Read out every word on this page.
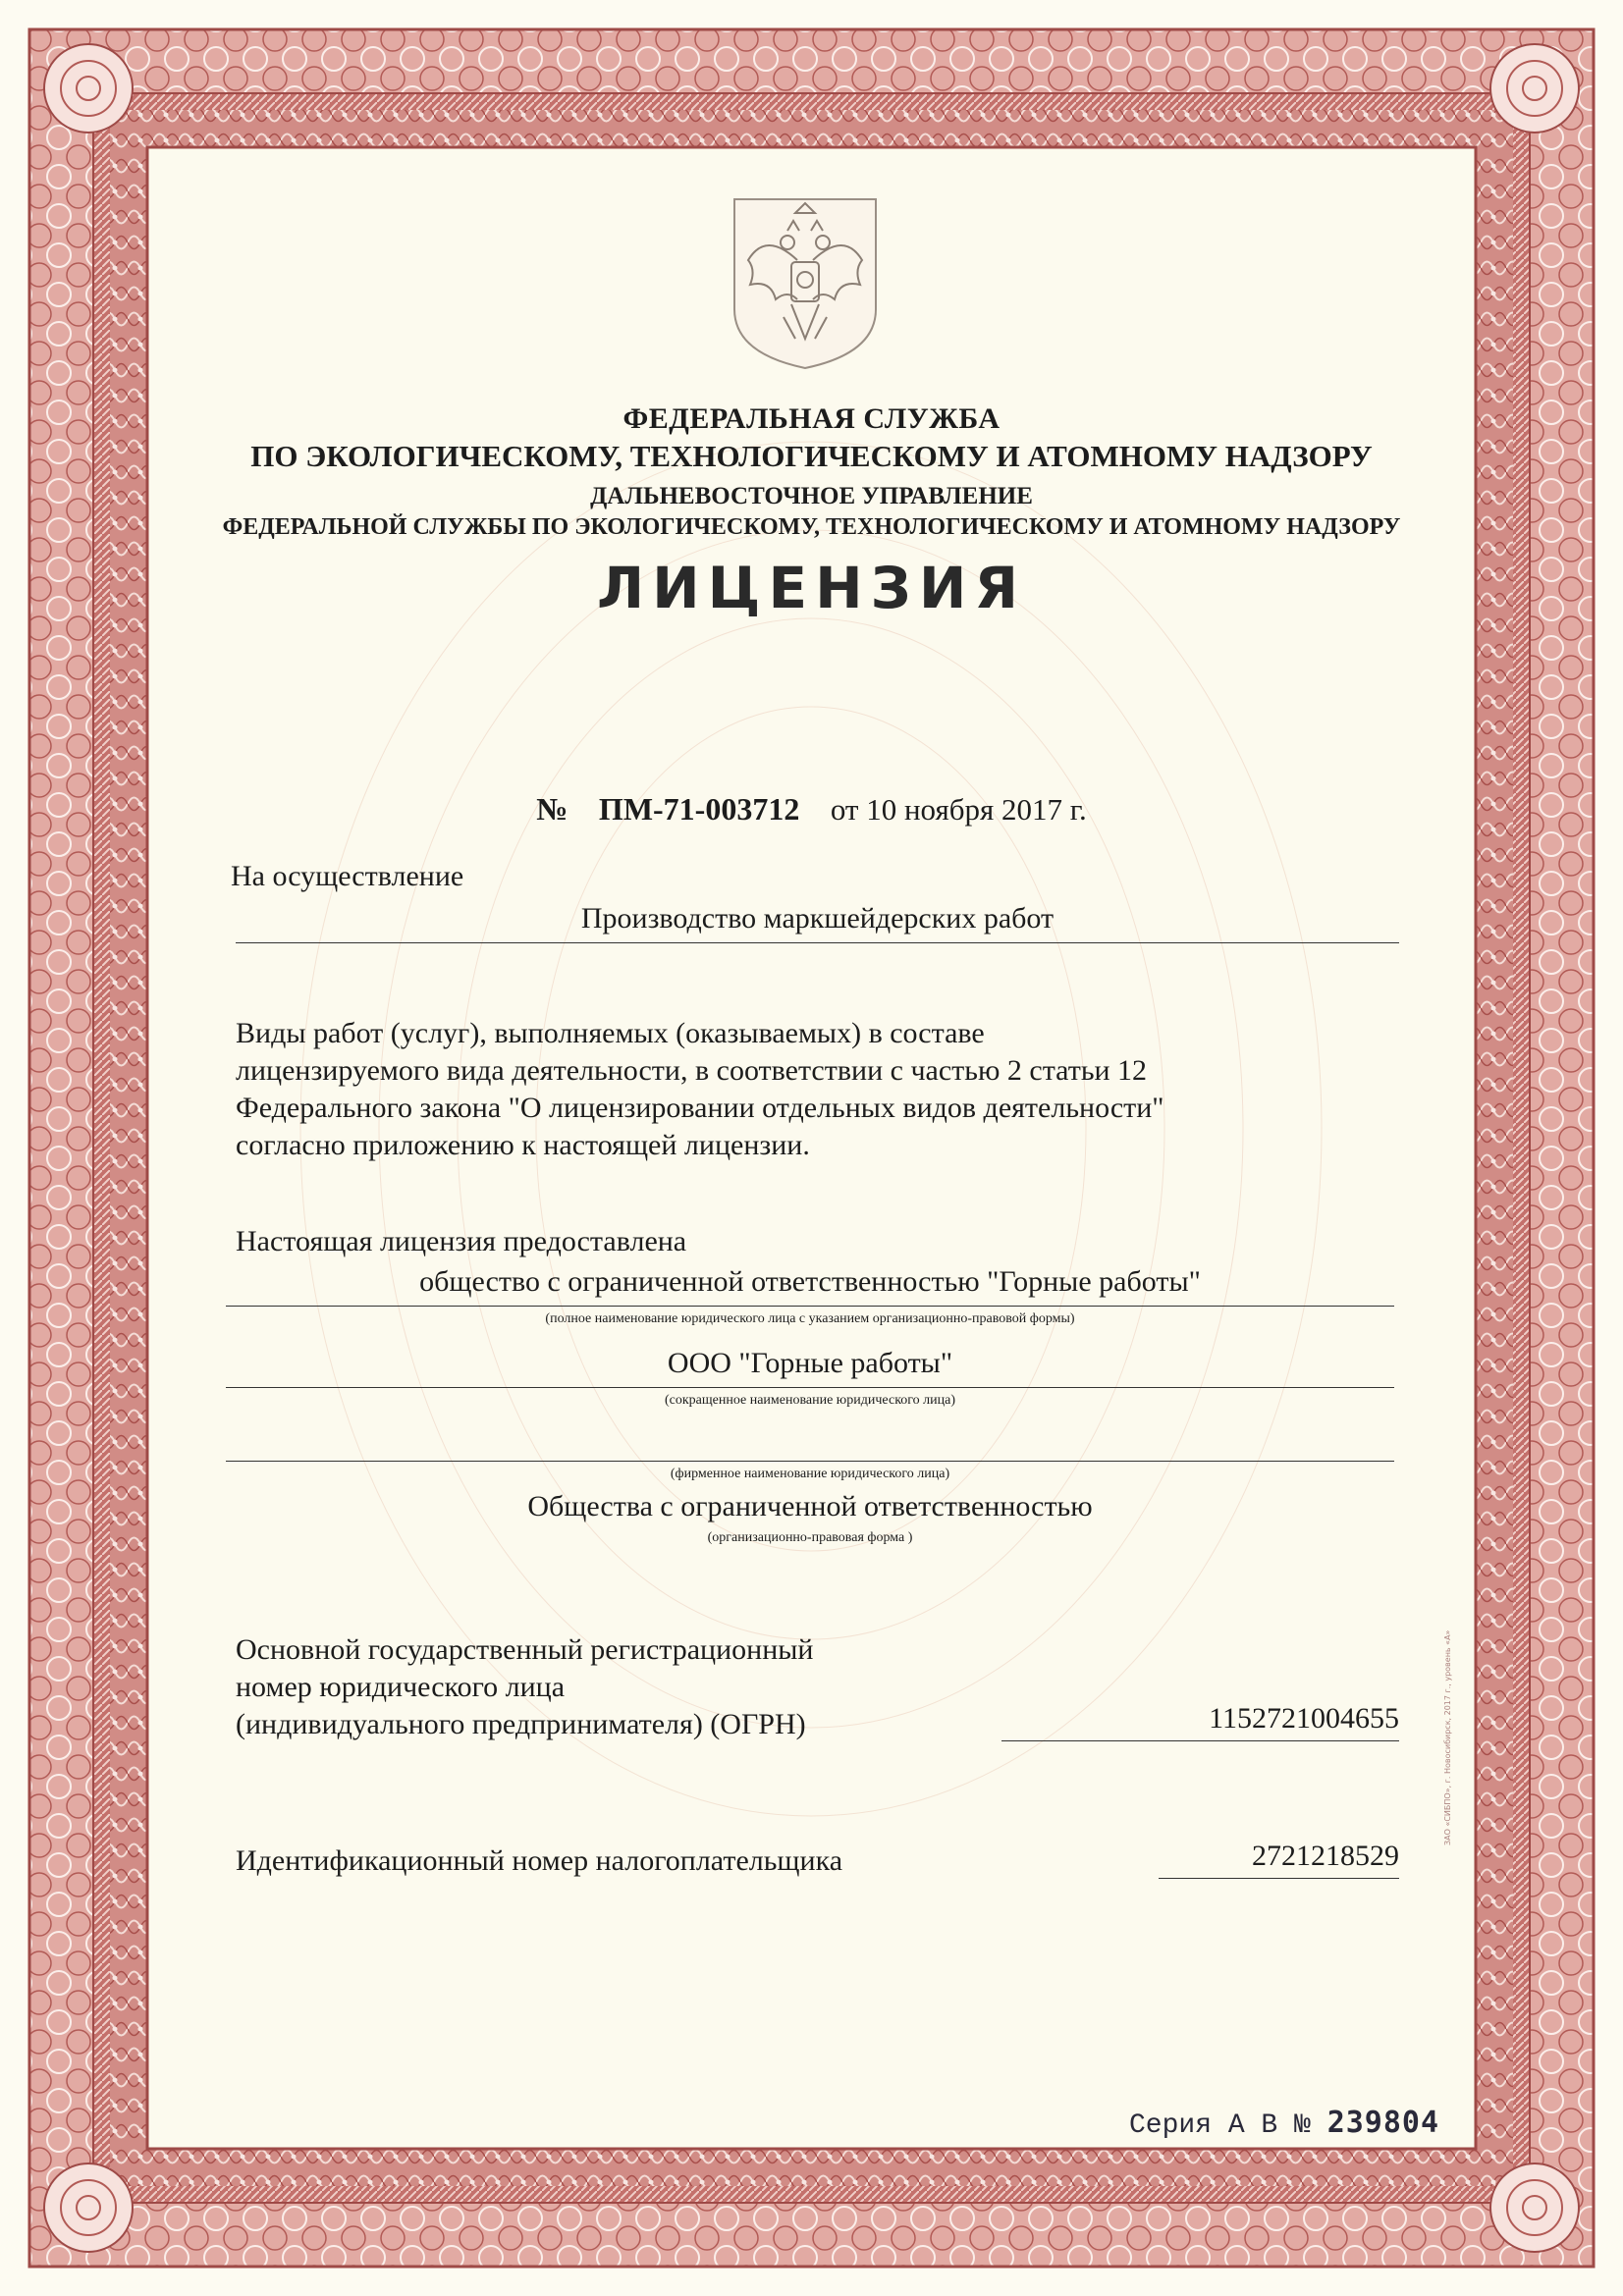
ФЕДЕРАЛЬНАЯ СЛУЖБА
ПО ЭКОЛОГИЧЕСКОМУ, ТЕХНОЛОГИЧЕСКОМУ И АТОМНОМУ НАДЗОРУ
ДАЛЬНЕВОСТОЧНОЕ УПРАВЛЕНИЕ
ФЕДЕРАЛЬНОЙ СЛУЖБЫ ПО ЭКОЛОГИЧЕСКОМУ, ТЕХНОЛОГИЧЕСКОМУ И АТОМНОМУ НАДЗОРУ
ЛИЦЕНЗИЯ
№ ПМ-71-003712 от 10 ноября 2017 г.
На осуществление
Производство маркшейдерских работ
Виды работ (услуг), выполняемых (оказываемых) в составе
лицензируемого вида деятельности, в соответствии с частью 2 статьи 12
Федерального закона "О лицензировании отдельных видов деятельности"
согласно приложению к настоящей лицензии.
Настоящая лицензия предоставлена
общество с ограниченной ответственностью "Горные работы"
(полное наименование юридического лица с указанием организационно-правовой формы)
ООО "Горные работы"
(сокращенное наименование юридического лица)
(фирменное наименование юридического лица)
Общества с ограниченной ответственностью
(организационно-правовая форма )
Основной государственный регистрационный
номер юридического лица
(индивидуального предпринимателя) (ОГРН)	1152721004655
Идентификационный номер налогоплательщика	2721218529
Серия А В № 239804
ЗАО «СИБПО», г. Новосибирск, 2017 г., уровень «А»
